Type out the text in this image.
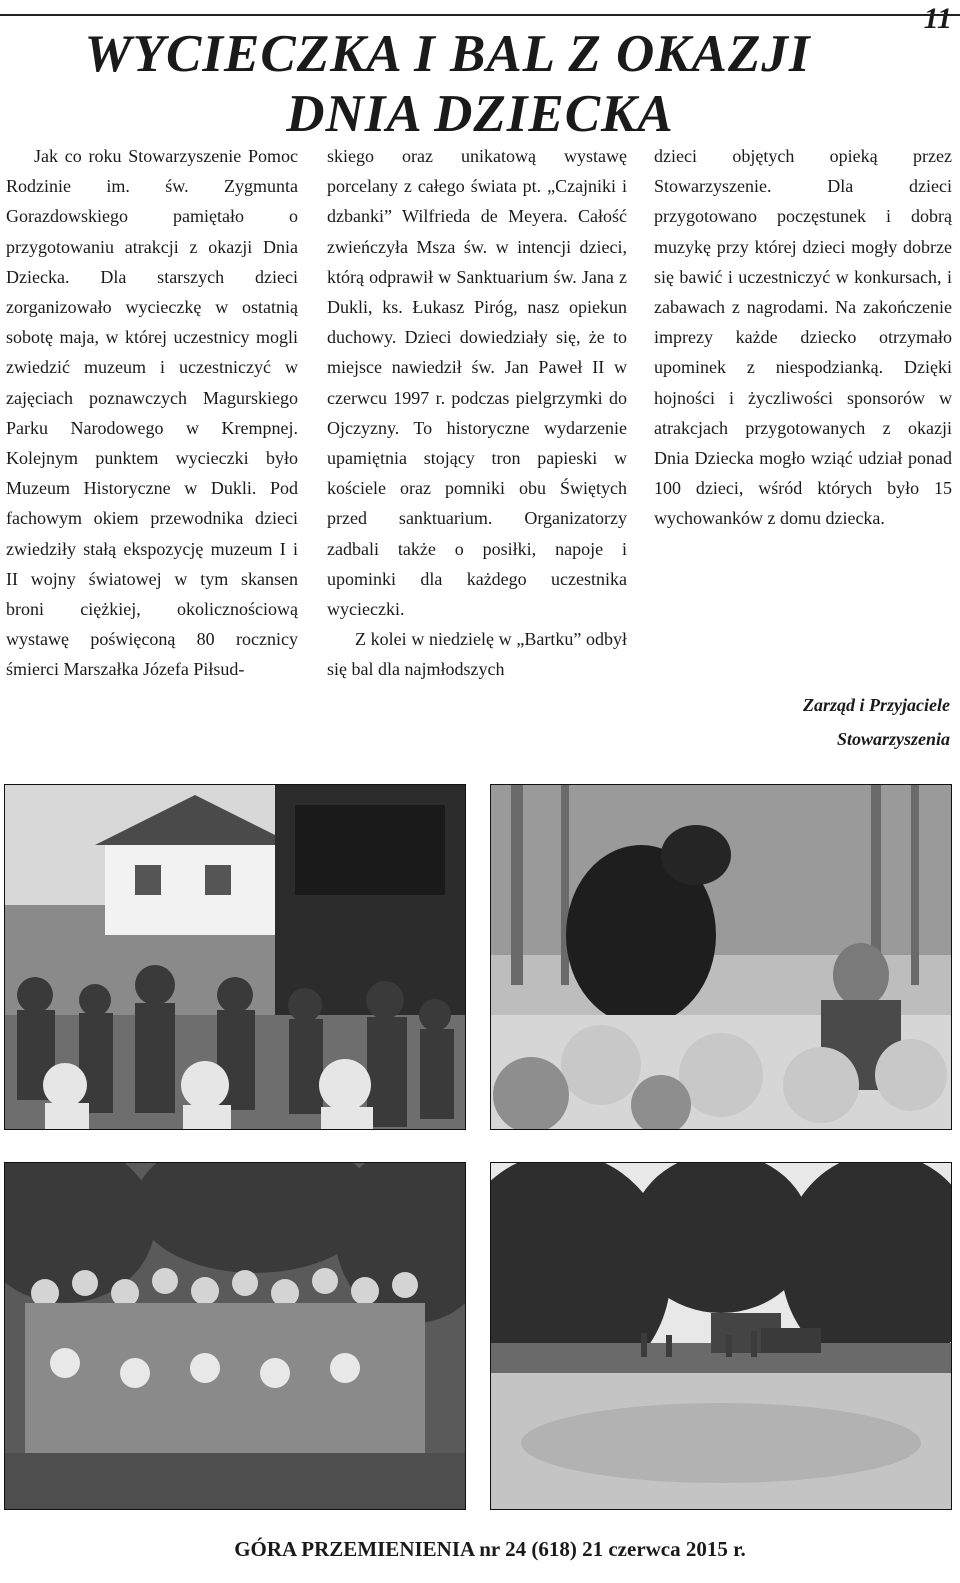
11
WYCIECZKA I BAL Z OKAZJI
DNIA DZIECKA

Jak co roku Stowarzyszenie Pomoc Rodzinie im. św. Zygmunta Gorazdowskiego pamiętało o przygotowaniu atrakcji z okazji Dnia Dziecka. Dla starszych dzieci zorganizowało wycieczkę w ostatnią sobotę maja, w której uczestnicy mogli zwiedzić muzeum i uczestniczyć w zajęciach poznawczych Magurskiego Parku Narodowego w Krempnej. Kolejnym punktem wycieczki było Muzeum Historyczne w Dukli. Pod fachowym okiem przewodnika dzieci zwiedziły stałą ekspozycję muzeum I i II wojny światowej w tym skansen broni ciężkiej, okolicznościową wystawę poświęconą 80 rocznicy śmierci Marszałka Józefa Piłsud-

skiego oraz unikatową wystawę porcelany z całego świata pt. „Czajniki i dzbanki” Wilfrieda de Meyera. Całość zwieńczyła Msza św. w intencji dzieci, którą odprawił w Sanktuarium św. Jana z Dukli, ks. Łukasz Piróg, nasz opiekun duchowy. Dzieci dowiedziały się, że to miejsce nawiedził św. Jan Paweł II w czerwcu 1997 r. podczas pielgrzymki do Ojczyzny. To historyczne wydarzenie upamiętnia stojący tron papieski w kościele oraz pomniki obu Świętych przed sanktuarium. Organizatorzy zadbali także o posiłki, napoje i upominki dla każdego uczestnika wycieczki.

Z kolei w niedzielę w „Bartku” odbył się bal dla najmłodszych

dzieci objętych opieką przez Stowarzyszenie. Dla dzieci przygotowano poczęstunek i dobrą muzykę przy której dzieci mogły dobrze się bawić i uczestniczyć w konkursach, i zabawach z nagrodami. Na zakończenie imprezy każde dziecko otrzymało upominek z niespodzianką. Dzięki hojności i życzliwości sponsorów w atrakcjach przygotowanych z okazji Dnia Dziecka mogło wziąć udział ponad 100 dzieci, wśród których było 15 wychowanków z domu dziecka.

Zarząd i Przyjaciele
Stowarzyszenia
GÓRA PRZEMIENIENIA nr 24 (618) 21 czerwca 2015 r.
